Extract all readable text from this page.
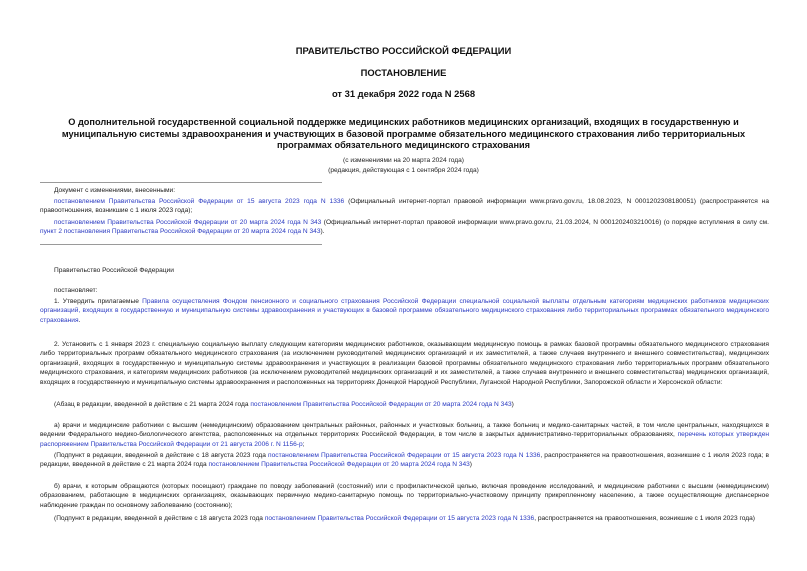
ПРАВИТЕЛЬСТВО РОССИЙСКОЙ ФЕДЕРАЦИИ
ПОСТАНОВЛЕНИЕ
от 31 декабря 2022 года N 2568
О дополнительной государственной социальной поддержке медицинских работников медицинских организаций, входящих в государственную и муниципальную системы здравоохранения и участвующих в базовой программе обязательного медицинского страхования либо территориальных программах обязательного медицинского страхования
(с изменениями на 20 марта 2024 года)
(редакция, действующая с 1 сентября 2024 года)
Документ с изменениями, внесенными:
постановлением Правительства Российской Федерации от 15 августа 2023 года N 1336 (Официальный интернет-портал правовой информации www.pravo.gov.ru, 18.08.2023, N 0001202308180051) (распространяется на правоотношения, возникшие с 1 июля 2023 года);
постановлением Правительства Российской Федерации от 20 марта 2024 года N 343 (Официальный интернет-портал правовой информации www.pravo.gov.ru, 21.03.2024, N 0001202403210016) (о порядке вступления в силу см. пункт 2 постановления Правительства Российской Федерации от 20 марта 2024 года N 343).
Правительство Российской Федерации
постановляет:
1. Утвердить прилагаемые Правила осуществления Фондом пенсионного и социального страхования Российской Федерации специальной социальной выплаты отдельным категориям медицинских работников медицинских организаций, входящих в государственную и муниципальную системы здравоохранения и участвующих в базовой программе обязательного медицинского страхования либо территориальных программах обязательного медицинского страхования.
2. Установить с 1 января 2023 г. специальную социальную выплату следующим категориям медицинских работников, оказывающим медицинскую помощь в рамках базовой программы обязательного медицинского страхования либо территориальных программ обязательного медицинского страхования (за исключением руководителей медицинских организаций и их заместителей, а также случаев внутреннего и внешнего совместительства), медицинских организаций, входящих в государственную и муниципальную системы здравоохранения и участвующих в реализации базовой программы обязательного медицинского страхования либо территориальных программ обязательного медицинского страхования, и категориям медицинских работников (за исключением руководителей медицинских организаций и их заместителей, а также случаев внутреннего и внешнего совместительства) медицинских организаций, входящих в государственную и муниципальную системы здравоохранения и расположенных на территориях Донецкой Народной Республики, Луганской Народной Республики, Запорожской области и Херсонской области:
(Абзац в редакции, введенной в действие с 21 марта 2024 года постановлением Правительства Российской Федерации от 20 марта 2024 года N 343)
а) врачи и медицинские работники с высшим (немедицинским) образованием центральных районных, районных и участковых больниц, а также больниц и медико-санитарных частей, в том числе центральных, находящихся в ведении Федерального медико-биологического агентства, расположенных на отдельных территориях Российской Федерации, в том числе в закрытых административно-территориальных образованиях, перечень которых утвержден распоряжением Правительства Российской Федерации от 21 августа 2006 г. N 1156-р;
(Подпункт в редакции, введенной в действие с 18 августа 2023 года постановлением Правительства Российской Федерации от 15 августа 2023 года N 1336, распространяется на правоотношения, возникшие с 1 июля 2023 года; в редакции, введенной в действие с 21 марта 2024 года постановлением Правительства Российской Федерации от 20 марта 2024 года N 343)
б) врачи, к которым обращаются (которых посещают) граждане по поводу заболеваний (состояний) или с профилактической целью, включая проведение исследований, и медицинские работники с высшим (немедицинским) образованием, работающие в медицинских организациях, оказывающих первичную медико-санитарную помощь по территориально-участковому принципу прикрепленному населению, а также осуществляющие диспансерное наблюдение граждан по основному заболеванию (состоянию);
(Подпункт в редакции, введенной в действие с 18 августа 2023 года постановлением Правительства Российской Федерации от 15 августа 2023 года N 1336, распространяется на правоотношения, возникшие с 1 июля 2023 года)
